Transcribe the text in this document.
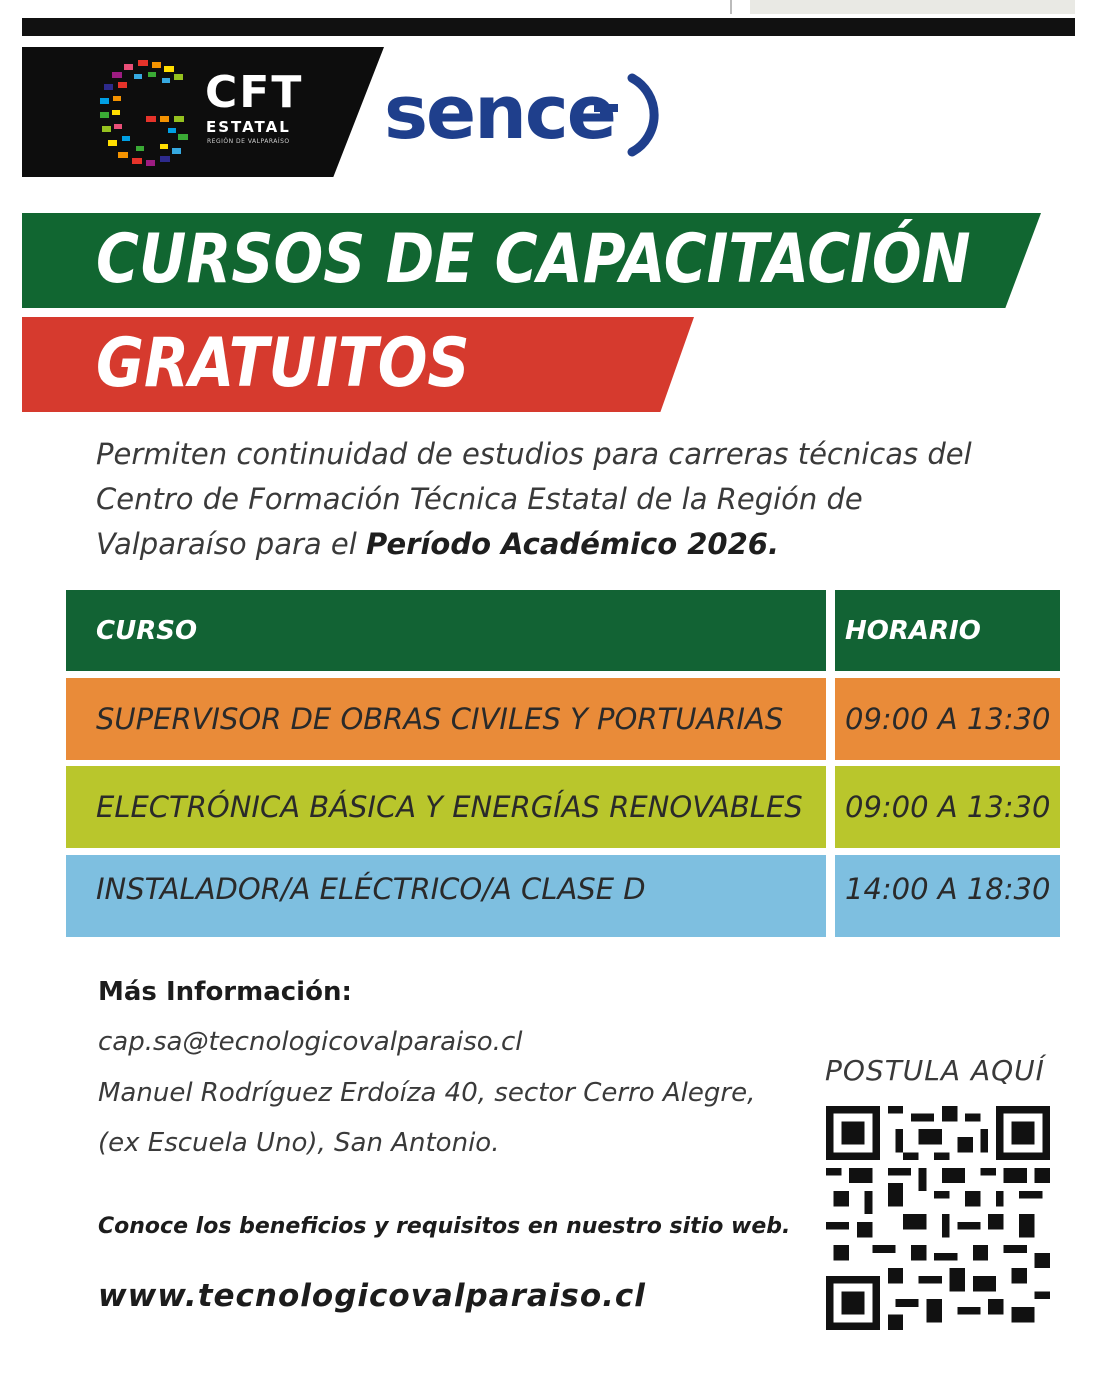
CFT
ESTATAL
REGIÓN DE VALPARAÍSO sence
CURSOS DE CAPACITACIÓN
GRATUITOS
Permiten continuidad de estudios para carreras técnicas del Centro de Formación Técnica Estatal de la Región de Valparaíso para el Período Académico 2026.
CURSO	HORARIO
SUPERVISOR DE OBRAS CIVILES Y PORTUARIAS	09:00 A 13:30
ELECTRÓNICA BÁSICA Y ENERGÍAS RENOVABLES	09:00 A 13:30
INSTALADOR/A ELÉCTRICO/A CLASE D	14:00 A 18:30
Más Información:
cap.sa@tecnologicovalparaiso.cl
Manuel Rodríguez Erdoíza 40, sector Cerro Alegre,
(ex Escuela Uno), San Antonio.
Conoce los beneficios y requisitos en nuestro sitio web.
www.tecnologicovalparaiso.cl
POSTULA AQUÍ
